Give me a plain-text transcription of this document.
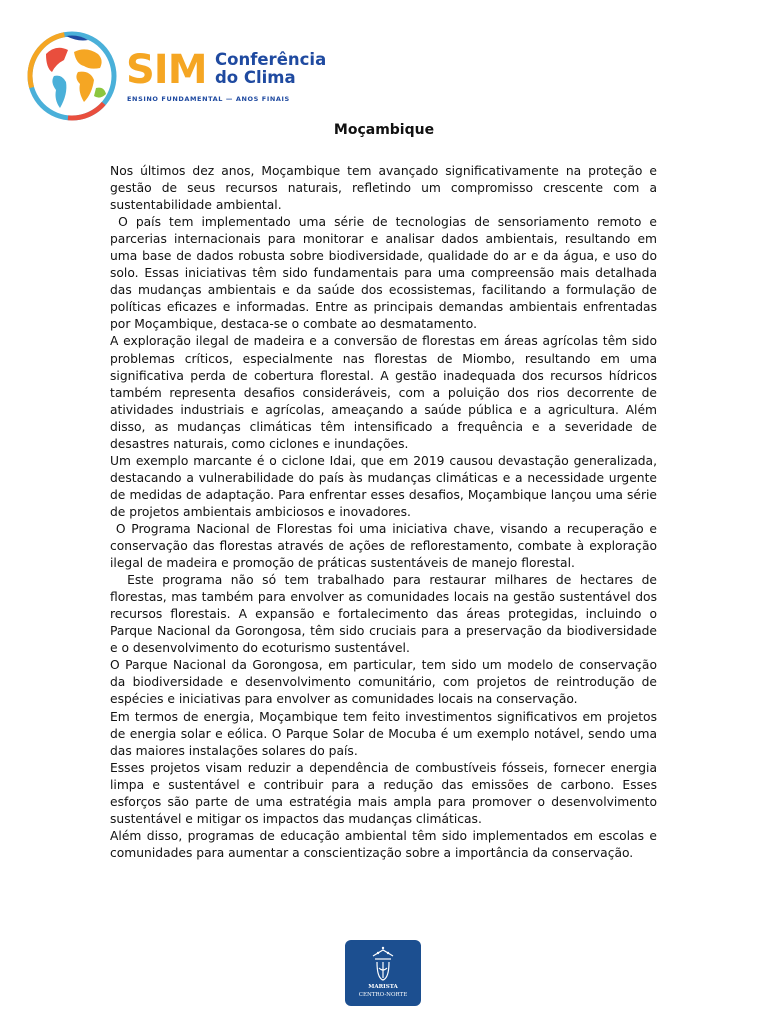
SIM Conferência
do Clima
ENSINO FUNDAMENTAL — ANOS FINAIS
Moçambique

Nos últimos dez anos, Moçambique tem avançado significativamente na proteção e gestão de seus recursos naturais, refletindo um compromisso crescente com a sustentabilidade ambiental.

O país tem implementado uma série de tecnologias de sensoriamento remoto e parcerias internacionais para monitorar e analisar dados ambientais, resultando em uma base de dados robusta sobre biodiversidade, qualidade do ar e da água, e uso do solo. Essas iniciativas têm sido fundamentais para uma compreensão mais detalhada das mudanças ambientais e da saúde dos ecossistemas, facilitando a formulação de políticas eficazes e informadas. Entre as principais demandas ambientais enfrentadas por Moçambique, destaca-se o combate ao desmatamento.

A exploração ilegal de madeira e a conversão de florestas em áreas agrícolas têm sido problemas críticos, especialmente nas florestas de Miombo, resultando em uma significativa perda de cobertura florestal. A gestão inadequada dos recursos hídricos também representa desafios consideráveis, com a poluição dos rios decorrente de atividades industriais e agrícolas, ameaçando a saúde pública e a agricultura. Além disso, as mudanças climáticas têm intensificado a frequência e a severidade de desastres naturais, como ciclones e inundações.

Um exemplo marcante é o ciclone Idai, que em 2019 causou devastação generalizada, destacando a vulnerabilidade do país às mudanças climáticas e a necessidade urgente de medidas de adaptação. Para enfrentar esses desafios, Moçambique lançou uma série de projetos ambientais ambiciosos e inovadores.

O Programa Nacional de Florestas foi uma iniciativa chave, visando a recuperação e conservação das florestas através de ações de reflorestamento, combate à exploração ilegal de madeira e promoção de práticas sustentáveis de manejo florestal.

Este programa não só tem trabalhado para restaurar milhares de hectares de florestas, mas também para envolver as comunidades locais na gestão sustentável dos recursos florestais. A expansão e fortalecimento das áreas protegidas, incluindo o Parque Nacional da Gorongosa, têm sido cruciais para a preservação da biodiversidade e o desenvolvimento do ecoturismo sustentável.

O Parque Nacional da Gorongosa, em particular, tem sido um modelo de conservação da biodiversidade e desenvolvimento comunitário, com projetos de reintrodução de espécies e iniciativas para envolver as comunidades locais na conservação.

Em termos de energia, Moçambique tem feito investimentos significativos em projetos de energia solar e eólica. O Parque Solar de Mocuba é um exemplo notável, sendo uma das maiores instalações solares do país.

Esses projetos visam reduzir a dependência de combustíveis fósseis, fornecer energia limpa e sustentável e contribuir para a redução das emissões de carbono. Esses esforços são parte de uma estratégia mais ampla para promover o desenvolvimento sustentável e mitigar os impactos das mudanças climáticas.

Além disso, programas de educação ambiental têm sido implementados em escolas e comunidades para aumentar a conscientização sobre a importância da conservação.

MARISTA
CENTRO-NORTE
